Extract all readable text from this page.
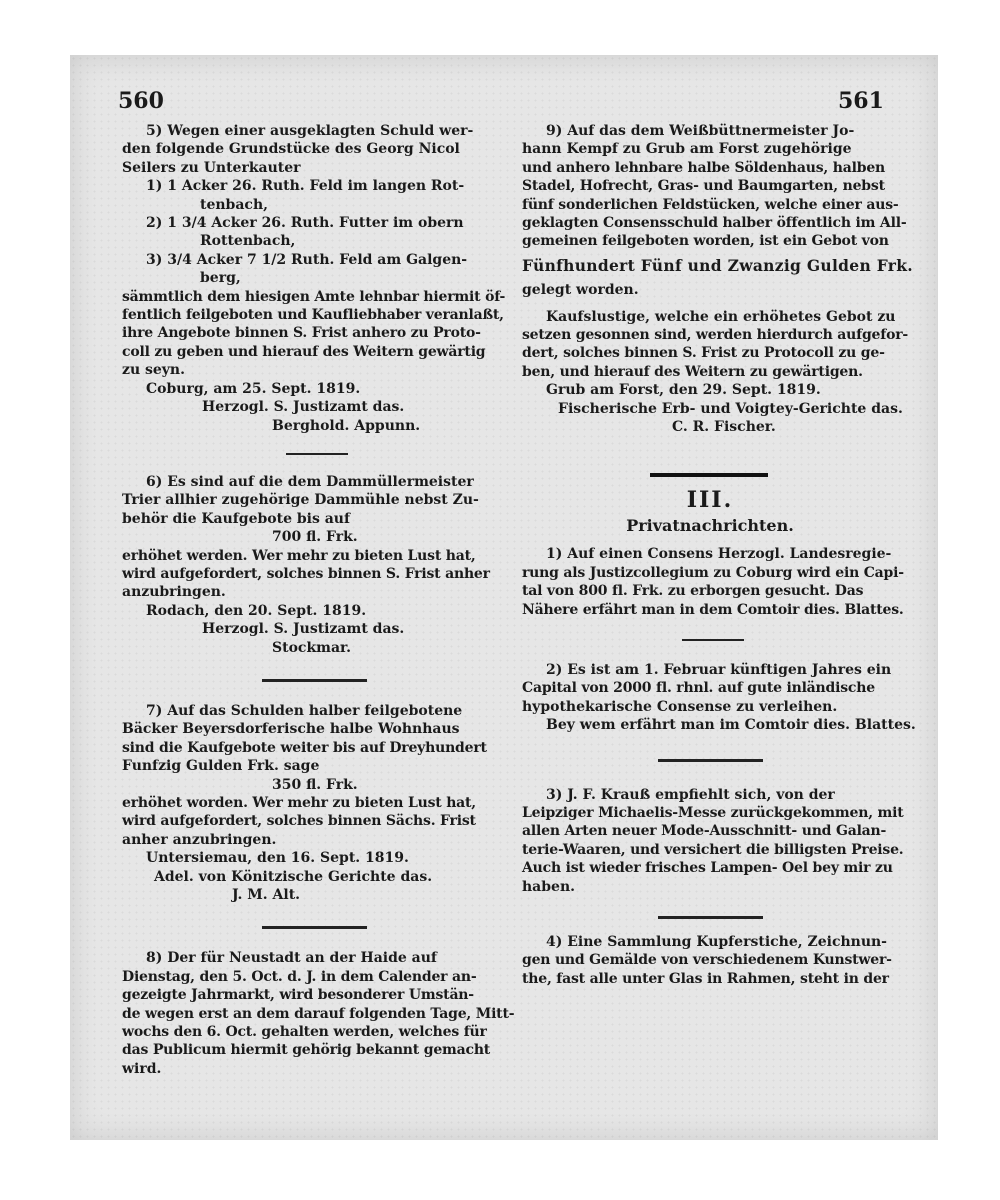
560	561
5) Wegen einer ausgeklagten Schuld wer-
den folgende Grundstücke des Georg Nicol
Seilers zu Unterkauter
1) 1 Acker 26. Ruth. Feld im langen Rot-
tenbach,
2) 1 3/4 Acker 26. Ruth. Futter im obern
Rottenbach,
3) 3/4 Acker 7 1/2 Ruth. Feld am Galgen-
berg,
sämmtlich dem hiesigen Amte lehnbar hiermit öf-
fentlich feilgeboten und Kaufliebhaber veranlaßt,
ihre Angebote binnen S. Frist anhero zu Proto-
coll zu geben und hierauf des Weitern gewärtig
zu seyn.
Coburg, am 25. Sept. 1819.
Herzogl. S. Justizamt das.
Berghold. Appunn.
6) Es sind auf die dem Dammüllermeister
Trier allhier zugehörige Dammühle nebst Zu-
behör die Kaufgebote bis auf
700 fl. Frk.
erhöhet werden. Wer mehr zu bieten Lust hat,
wird aufgefordert, solches binnen S. Frist anher
anzubringen.
Rodach, den 20. Sept. 1819.
Herzogl. S. Justizamt das.
Stockmar.
7) Auf das Schulden halber feilgebotene
Bäcker Beyersdorferische halbe Wohnhaus
sind die Kaufgebote weiter bis auf Dreyhundert
Funfzig Gulden Frk. sage
350 fl. Frk.
erhöhet worden. Wer mehr zu bieten Lust hat,
wird aufgefordert, solches binnen Sächs. Frist
anher anzubringen.
Untersiemau, den 16. Sept. 1819.
Adel. von Könitzische Gerichte das.
J. M. Alt.
8) Der für Neustadt an der Haide auf
Dienstag, den 5. Oct. d. J. in dem Calender an-
gezeigte Jahrmarkt, wird besonderer Umstän-
de wegen erst an dem darauf folgenden Tage, Mitt-
wochs den 6. Oct. gehalten werden, welches für
das Publicum hiermit gehörig bekannt gemacht
wird.
9) Auf das dem Weißbüttnermeister Jo-
hann Kempf zu Grub am Forst zugehörige
und anhero lehnbare halbe Söldenhaus, halben
Stadel, Hofrecht, Gras- und Baumgarten, nebst
fünf sonderlichen Feldstücken, welche einer aus-
geklagten Consensschuld halber öffentlich im All-
gemeinen feilgeboten worden, ist ein Gebot von
Fünfhundert Fünf und Zwanzig Gulden Frk.
gelegt worden.
Kaufslustige, welche ein erhöhetes Gebot zu
setzen gesonnen sind, werden hierdurch aufgefor-
dert, solches binnen S. Frist zu Protocoll zu ge-
ben, und hierauf des Weitern zu gewärtigen.
Grub am Forst, den 29. Sept. 1819.
Fischerische Erb- und Voigtey-Gerichte das.
C. R. Fischer.
III.
Privatnachrichten.
1) Auf einen Consens Herzogl. Landesregie-
rung als Justizcollegium zu Coburg wird ein Capi-
tal von 800 fl. Frk. zu erborgen gesucht. Das
Nähere erfährt man in dem Comtoir dies. Blattes.
2) Es ist am 1. Februar künftigen Jahres ein
Capital von 2000 fl. rhnl. auf gute inländische
hypothekarische Consense zu verleihen.
Bey wem erfährt man im Comtoir dies. Blattes.
3) J. F. Krauß empfiehlt sich, von der
Leipziger Michaelis-Messe zurückgekommen, mit
allen Arten neuer Mode-Ausschnitt- und Galan-
terie-Waaren, und versichert die billigsten Preise.
Auch ist wieder frisches Lampen- Oel bey mir zu
haben.
4) Eine Sammlung Kupferstiche, Zeichnun-
gen und Gemälde von verschiedenem Kunstwer-
the, fast alle unter Glas in Rahmen, steht in der
